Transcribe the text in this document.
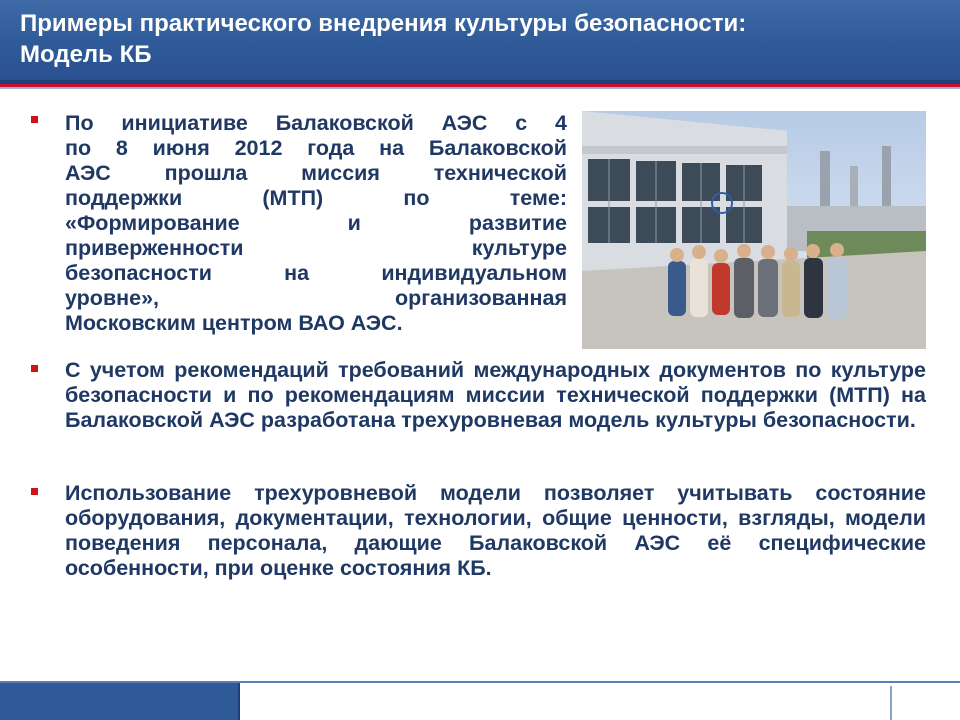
Примеры практического внедрения культуры безопасности:
Модель КБ
По инициативе Балаковской АЭС с 4
по 8 июня 2012 года на Балаковской
АЭС прошла миссия технической
поддержки (МТП) по теме:
«Формирование и развитие
приверженности культуре
безопасности на индивидуальном
уровне», организованная
Московским центром ВАО АЭС.

С учетом рекомендаций требований международных документов по культуре безопасности и по рекомендациям миссии технической поддержки (МТП) на Балаковской АЭС разработана трехуровневая модель культуры безопасности.

Использование трехуровневой модели позволяет учитывать состояние оборудования, документации, технологии, общие ценности, взгляды, модели поведения персонала, дающие Балаковской АЭС её специфические особенности, при оценке состояния КБ.
